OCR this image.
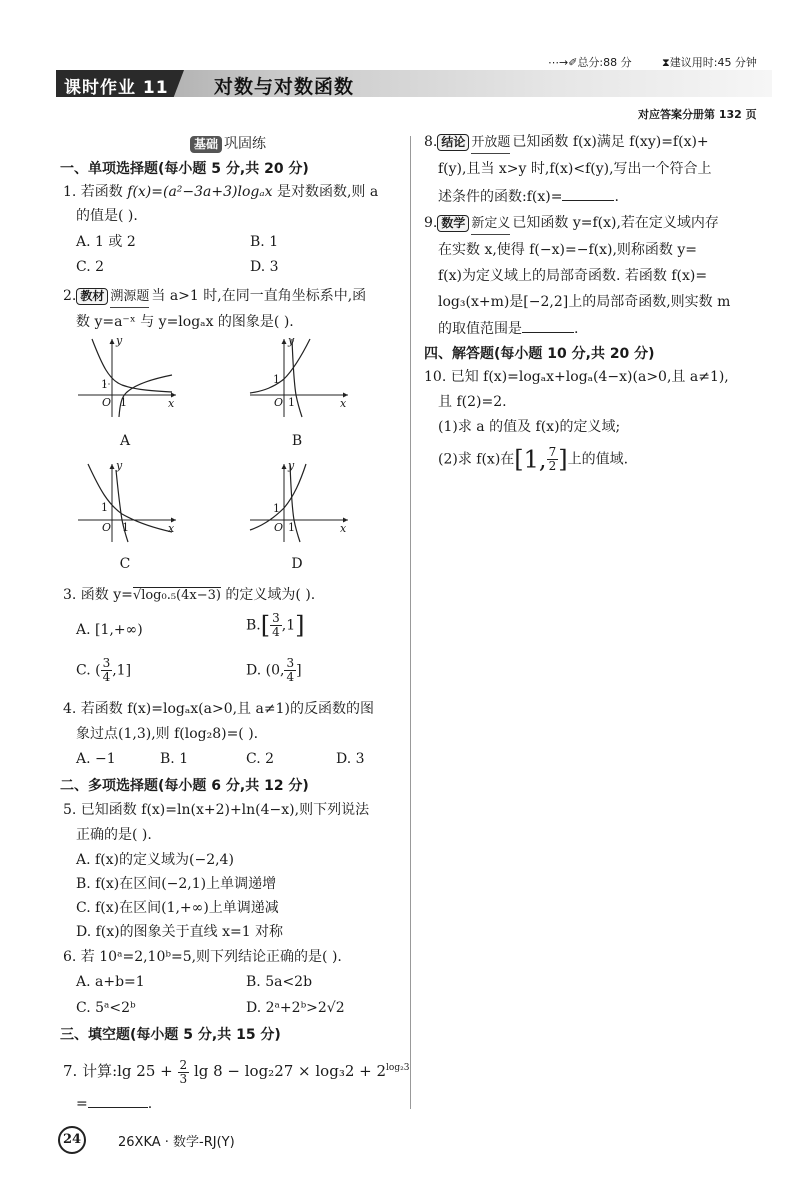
⋯→✐总分:88 分	⧗建议用时:45 分钟
课时作业 11 对数与对数函数
对应答案分册第 132 页
基础 巩固练
一、单项选择题(每小题 5 分,共 20 分)
1. 若函数 f(x)=(a²−3a+3)logₐx 是对数函数,则 a
的值是( ).
A. 1 或 2	B. 1
C. 2	D. 3
2. 教材 溯源题 当 a>1 时,在同一直角坐标系中,函
数 y=a⁻ˣ 与 y=logₐx 的图象是( ).
1
O 1
y
x
A
1
O 1
y
x
B
1
O 1
y
x
C
1
O 1
y
x
D
3. 函数 y=√log₀.₅(4x−3) 的定义域为( ).
A. [1,+∞)	$B.[ \frac{3}{4} ,1]$
C. ( $\frac{3}{4} ,1$]	D. (0, $\frac{3}{4}$ ]
4. 若函数 f(x)=logₐx(a>0,且 a≠1)的反函数的图
象过点(1,3),则 f(log₂8)=( ).
A. −1	B. 1	C. 2	D. 3
二、多项选择题(每小题 6 分,共 12 分)
5. 已知函数 f(x)=ln(x+2)+ln(4−x),则下列说法
正确的是( ).
A. f(x)的定义域为(−2,4)
B. f(x)在区间(−2,1)上单调递增
C. f(x)在区间(1,+∞)上单调递减
D. f(x)的图象关于直线 x=1 对称
6. 若 10ᵃ=2,10ᵇ=5,则下列结论正确的是( ).
A. a+b=1	B. 5a<2b
C. 5ᵃ<2ᵇ	D. 2ᵃ+2ᵇ>2√2
三、填空题(每小题 5 分,共 15 分)
7. 计算:lg $25 + \frac{2}{3}$ $\lg 8 - \log_227 \times \log_32 + 2^{log_23}$
=	.
8. 结论 开放题 已知函数 f(x)满足 f(xy)=f(x)+
f(y),且当 x>y 时,f(x)<f(y),写出一个符合上
述条件的函数:f(x)=	.
9. 数学 新定义 已知函数 y=f(x),若在定义域内存
在实数 x,使得 f(−x)=−f(x),则称函数 y=
f(x)为定义域上的局部奇函数. 若函数 f(x)=
log₃(x+m)是[−2,2]上的局部奇函数,则实数 m
的取值范围是	.
四、解答题(每小题 10 分,共 20 分)
10. 已知 f(x)=logₐx+logₐ(4−x)(a>0,且 a≠1),
且 f(2)=2.
(1)求 a 的值及 f(x)的定义域;
(2)求 f(x)在[1, $\frac{7}{2}$ ]上的值域.
24	26XKA · 数学-RJ(Y)
